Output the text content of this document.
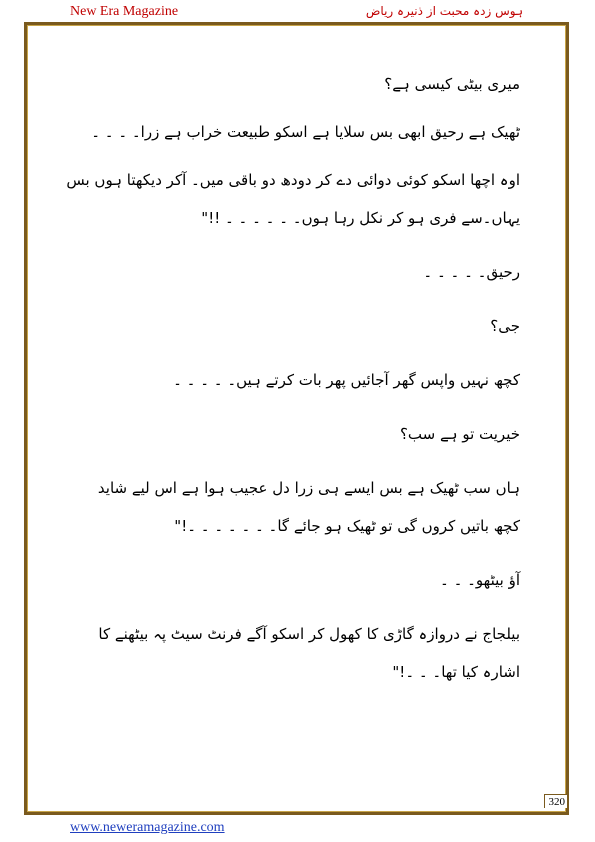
New Era Magazine	ہوس زدہ محبت از ذنیرہ ریاض
میری بیٹی کیسی ہے؟
ٹھیک ہے رحیق ابھی بس سلایا ہے اسکو طبیعت خراب ہے زرا۔ ۔ ۔ ۔
اوہ اچھا اسکو کوئی دوائی دے کر دودھ دو باقی میں۔ آکر دیکھتا ہوں بس
یہاں۔سے فری ہو کر نکل رہا ہوں۔ ۔ ۔ ۔ ۔ ۔ !!"
رحیق۔ ۔ ۔ ۔ ۔
جی؟
کچھ نہیں واپس گھر آجائیں پھر بات کرتے ہیں۔ ۔ ۔ ۔ ۔
خیریت تو ہے سب؟
ہاں سب ٹھیک ہے بس ایسے ہی زرا دل عجیب ہوا ہے اس لیے شاید
کچھ باتیں کروں گی تو ٹھیک ہو جائے گا۔ ۔ ۔ ۔ ۔ ۔ ۔!"
آؤ بیٹھو۔ ۔ ۔
بیلجاج نے دروازہ گاڑی کا کھول کر اسکو آگے فرنٹ سیٹ پہ بیٹھنے کا
اشارہ کیا تھا۔ ۔ ۔!"
320
www.neweramagazine.com
